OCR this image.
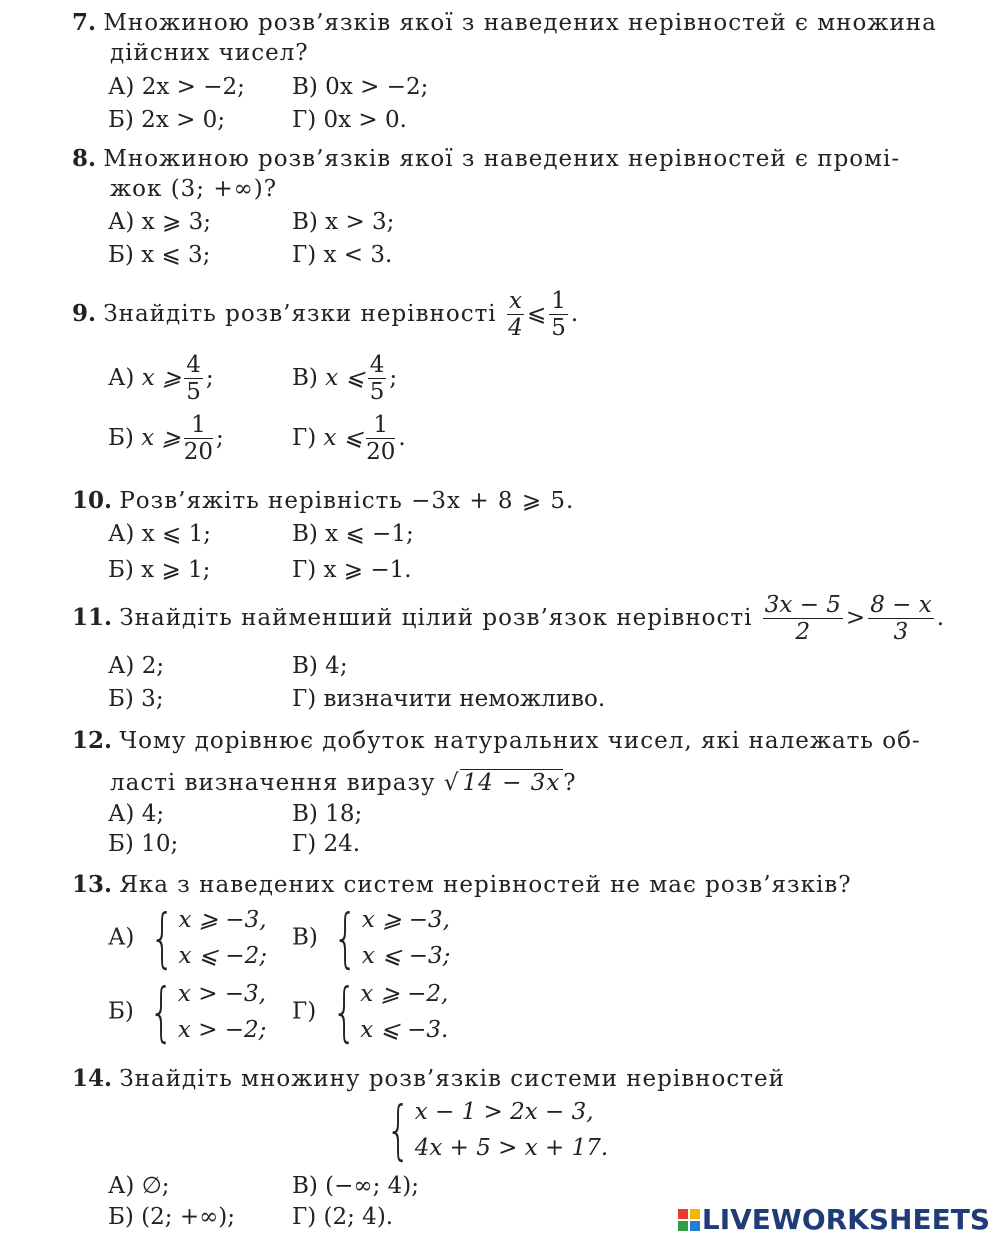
7. Множиною розв’язків якої з наведених нерівностей є множина
дійсних чисел?
А) 2x > −2; В) 0x > −2;
Б) 2x > 0;	Г) 0x > 0.
8. Множиною розв’язків якої з наведених нерівностей є промі-
жок (3; +∞)?
А) x ⩾ 3;	В) x > 3;
Б) x ⩽ 3;	Г) x < 3.
9. Знайдіть розв’язки нерівності $\frac{x}{4}$ ⩽ $\frac{1}{5}$ .
А) x ⩾ $\frac{4}{5}$ ;	В) x ⩽ $\frac{4}{5}$ ;
Б) x ⩾ $\frac{1}{20}$ ;	Г) x ⩽ $\frac{1}{20}$ .
10. Розв’яжіть нерівність −3x + 8 ⩾ 5.
А) x ⩽ 1;	В) x ⩽ −1;
Б) x ⩾ 1;	Г) x ⩾ −1.
11. Знайдіть найменший цілий розв’язок нерівності $\frac{3x - 5}{2} > \frac{8 - x}{3}$ .
А) 2;	В) 4;
Б) 3;	Г) визначити неможливо.
12. Чому дорівнює добуток натуральних чисел, які належать об-
ласті визначення виразу √ 14 − 3x ?
А) 4;	В) 18;
Б) 10;	Г) 24.
13. Яка з наведених систем нерівностей не має розв’язків?
А) { x ⩾ −3,
x ⩽ −2;
В) { x ⩾ −3,
x ⩽ −3;
Б) { x > −3,
x > −2;
Г) { x ⩾ −2,
x ⩽ −3.
14. Знайдіть множину розв’язків системи нерівностей
{ x − 1 > 2x − 3,
4x + 5 > x + 17.
А) ∅;	В) (−∞; 4);
Б) (2; +∞); Г) (2; 4).	LIVEWORKSHEETS
